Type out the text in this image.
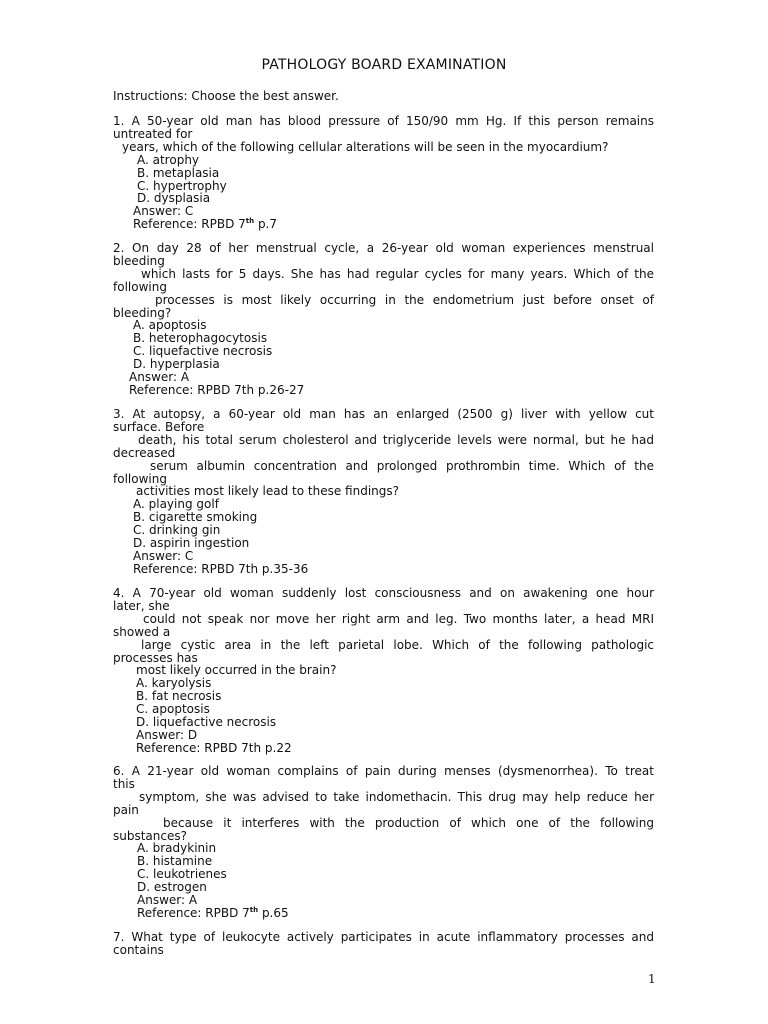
PATHOLOGY BOARD EXAMINATION
Instructions: Choose the best answer.
1. A 50-year old man has blood pressure of 150/90 mm Hg. If this person remains
untreated for
years, which of the following cellular alterations will be seen in the myocardium?
A. atrophy
B. metaplasia
C. hypertrophy
D. dysplasia
Answer: C
Reference: RPBD 7th p.7
2. On day 28 of her menstrual cycle, a 26-year old woman experiences menstrual
bleeding
which lasts for 5 days. She has had regular cycles for many years. Which of the
following
processes is most likely occurring in the endometrium just before onset of
bleeding?
A. apoptosis
B. heterophagocytosis
C. liquefactive necrosis
D. hyperplasia
Answer: A
Reference: RPBD 7th p.26-27
3. At autopsy, a 60-year old man has an enlarged (2500 g) liver with yellow cut
surface. Before
death, his total serum cholesterol and triglyceride levels were normal, but he had
decreased
serum albumin concentration and prolonged prothrombin time. Which of the
following
activities most likely lead to these findings?
A. playing golf
B. cigarette smoking
C. drinking gin
D. aspirin ingestion
Answer: C
Reference: RPBD 7th p.35-36
4. A 70-year old woman suddenly lost consciousness and on awakening one hour
later, she
could not speak nor move her right arm and leg. Two months later, a head MRI
showed a
large cystic area in the left parietal lobe. Which of the following pathologic
processes has
most likely occurred in the brain?
A. karyolysis
B. fat necrosis
C. apoptosis
D. liquefactive necrosis
Answer: D
Reference: RPBD 7th p.22
6. A 21-year old woman complains of pain during menses (dysmenorrhea). To treat
this
symptom, she was advised to take indomethacin. This drug may help reduce her
pain
because it interferes with the production of which one of the following
substances?
A. bradykinin
B. histamine
C. leukotrienes
D. estrogen
Answer: A
Reference: RPBD 7th p.65
7. What type of leukocyte actively participates in acute inflammatory processes and
contains
1
